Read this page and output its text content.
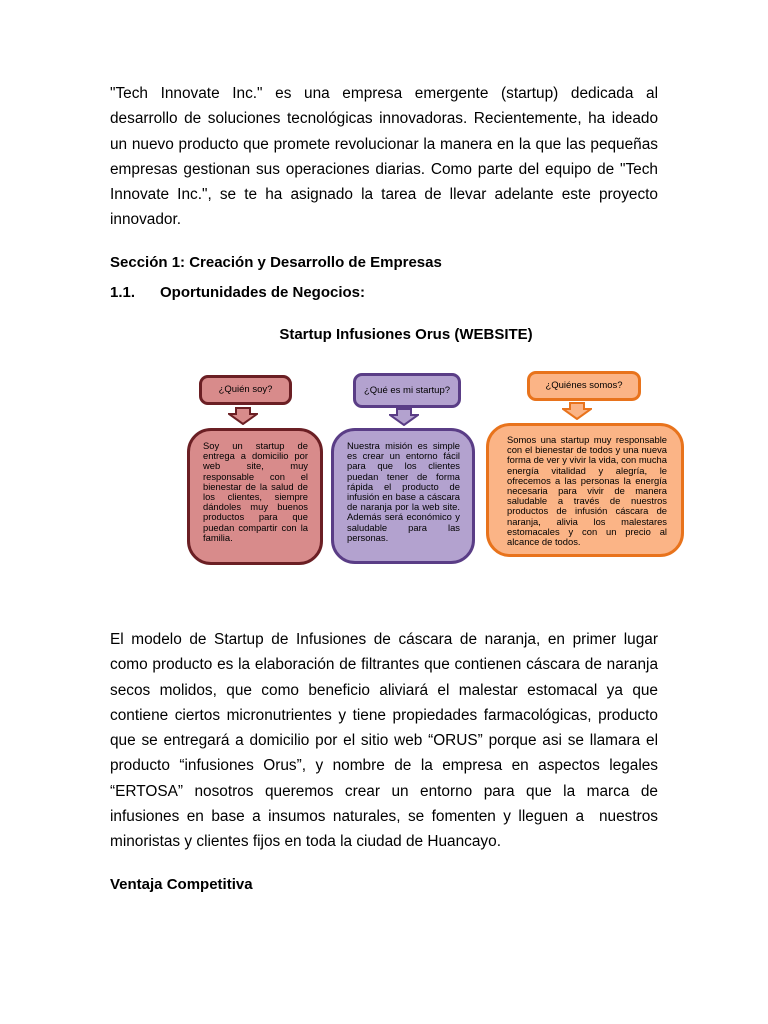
"Tech Innovate Inc." es una empresa emergente (startup) dedicada al
desarrollo de soluciones tecnológicas innovadoras. Recientemente, ha ideado
un nuevo producto que promete revolucionar la manera en la que las pequeñas
empresas gestionan sus operaciones diarias. Como parte del equipo de "Tech
Innovate Inc.", se te ha asignado la tarea de llevar adelante este proyecto
innovador.
Sección 1: Creación y Desarrollo de Empresas
1.1. Oportunidades de Negocios:
Startup Infusiones Orus (WEBSITE)
¿Quién soy?
Soy un startup de entrega a domicilio por web site, muy responsable con el bienestar de la salud de los clientes, siempre dándoles muy buenos productos para que puedan compartir con la familia.
¿Qué es mi startup?
Nuestra misión es simple es crear un entorno fácil para que los clientes puedan tener de forma rápida el producto de infusión en base a cáscara de naranja por la web site. Además será económico y saludable para las personas.
¿Quiénes somos?
Somos una startup muy responsable con el bienestar de todos y una nueva forma de ver y vivir la vida, con mucha energía vitalidad y alegría, le ofrecemos a las personas la energía necesaria para vivir de manera saludable a través de nuestros productos de infusión cáscara de naranja, alivia los malestares estomacales y con un precio al alcance de todos.
El modelo de Startup de Infusiones de cáscara de naranja, en primer lugar
como producto es la elaboración de filtrantes que contienen cáscara de naranja
secos molidos, que como beneficio aliviará el malestar estomacal ya que
contiene ciertos micronutrientes y tiene propiedades farmacológicas, producto
que se entregará a domicilio por el sitio web “ORUS” porque asi se llamara el
producto “infusiones Orus”, y nombre de la empresa en aspectos legales
“ERTOSA” nosotros queremos crear un entorno para que la marca de
infusiones en base a insumos naturales, se fomenten y lleguen a  nuestros
minoristas y clientes fijos en toda la ciudad de Huancayo.
Ventaja Competitiva
